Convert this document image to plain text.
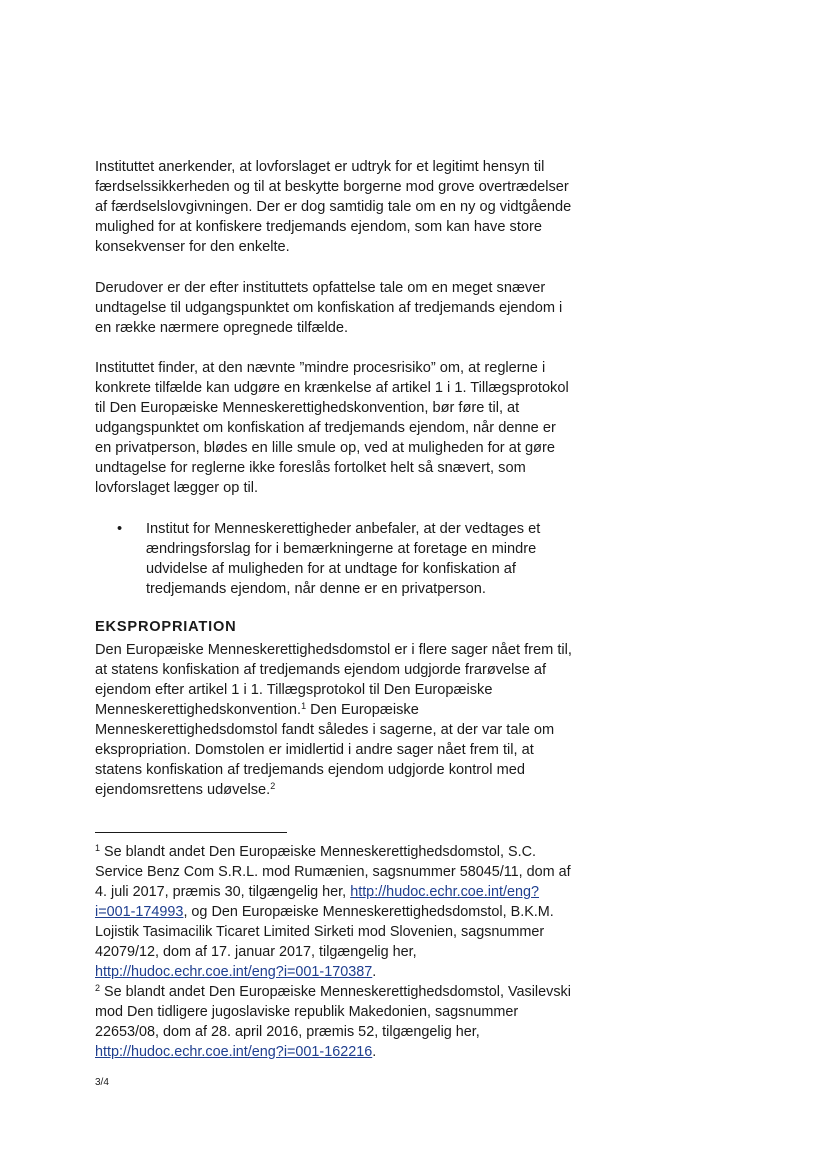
Instituttet anerkender, at lovforslaget er udtryk for et legitimt hensyn til færdselssikkerheden og til at beskytte borgerne mod grove overtrædelser af færdselslovgivningen. Der er dog samtidig tale om en ny og vidtgående mulighed for at konfiskere tredjemands ejendom, som kan have store konsekvenser for den enkelte.

Derudover er der efter instituttets opfattelse tale om en meget snæver undtagelse til udgangspunktet om konfiskation af tredjemands ejendom i en række nærmere opregnede tilfælde.

Instituttet finder, at den nævnte ”mindre procesrisiko” om, at reglerne i konkrete tilfælde kan udgøre en krænkelse af artikel 1 i 1. Tillægsprotokol til Den Europæiske Menneskerettighedskonvention, bør føre til, at udgangspunktet om konfiskation af tredjemands ejendom, når denne er en privatperson, blødes en lille smule op, ved at muligheden for at gøre undtagelse for reglerne ikke foreslås fortolket helt så snævert, som lovforslaget lægger op til.

• Institut for Menneskerettigheder anbefaler, at der vedtages et ændringsforslag for i bemærkningerne at foretage en mindre udvidelse af muligheden for at undtage for konfiskation af tredjemands ejendom, når denne er en privatperson.
EKSPROPRIATION

Den Europæiske Menneskerettighedsdomstol er i flere sager nået frem til, at statens konfiskation af tredjemands ejendom udgjorde frarøvelse af ejendom efter artikel 1 i 1. Tillægsprotokol til Den Europæiske Menneskerettighedskonvention.$^1$ Den Europæiske Menneskerettighedsdomstol fandt således i sagerne, at der var tale om ekspropriation. Domstolen er imidlertid i andre sager nået frem til, at statens konfiskation af tredjemands ejendom udgjorde kontrol med ejendomsrettens udøvelse.$^2$

$^1$ Se blandt andet Den Europæiske Menneskerettighedsdomstol, S.C. Service Benz Com S.R.L. mod Rumænien, sagsnummer 58045/11, dom af 4. juli 2017, præmis 30, tilgængelig her, http://hudoc.echr.coe.int/eng?i=001-174993, og Den Europæiske Menneskerettighedsdomstol, B.K.M. Lojistik Tasimacilik Ticaret Limited Sirketi mod Slovenien, sagsnummer 42079/12, dom af 17. januar 2017, tilgængelig her, http://hudoc.echr.coe.int/eng?i=001-170387.

$^2$ Se blandt andet Den Europæiske Menneskerettighedsdomstol, Vasilevski mod Den tidligere jugoslaviske republik Makedonien, sagsnummer 22653/08, dom af 28. april 2016, præmis 52, tilgængelig her, http://hudoc.echr.coe.int/eng?i=001-162216.

3/4
